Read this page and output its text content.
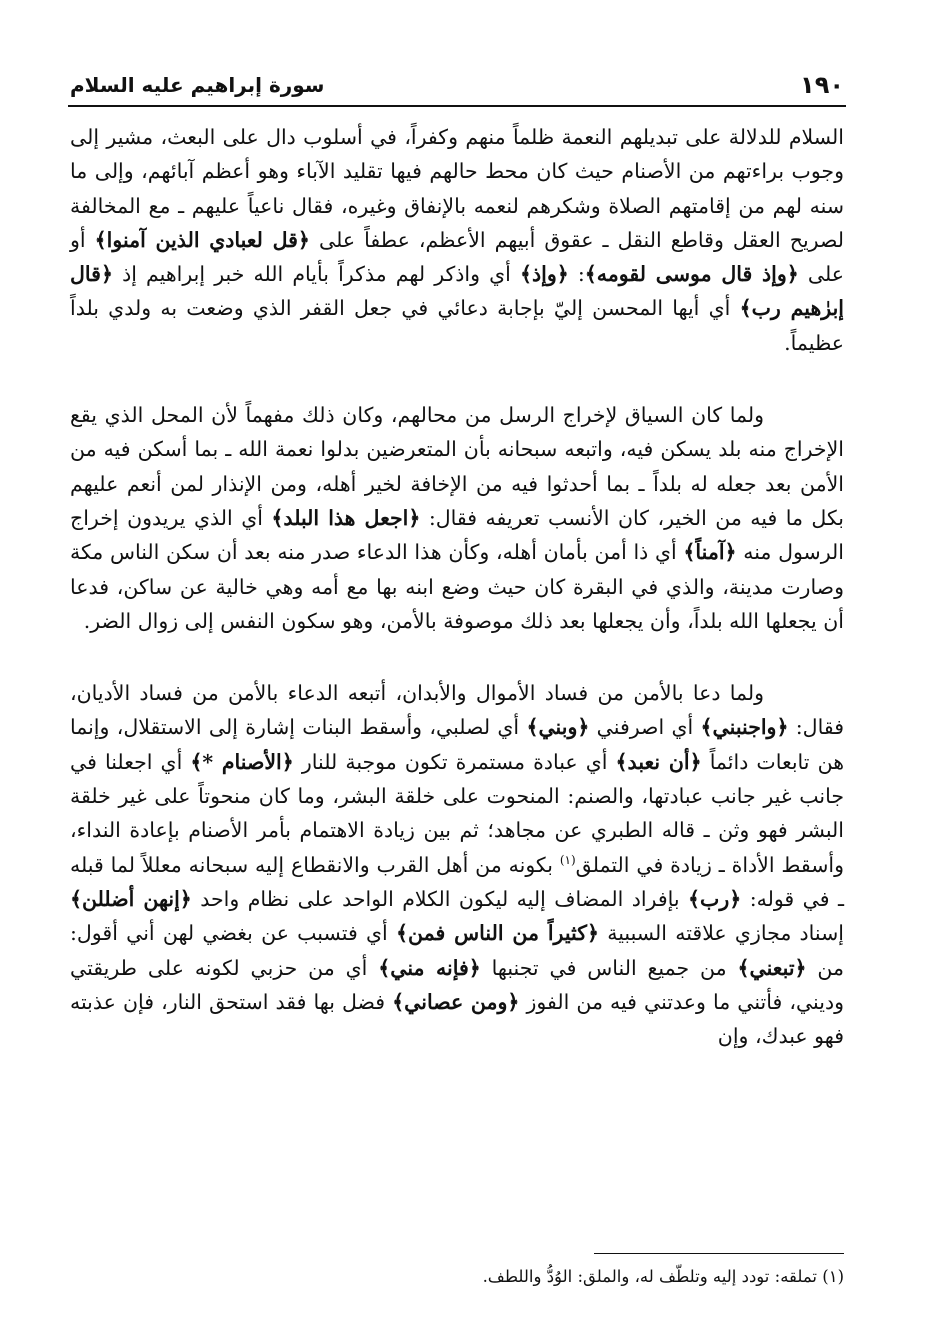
١٩٠
سورة إبراهيم عليه السلام

السلام للدلالة على تبديلهم النعمة ظلماً منهم وكفراً، في أسلوب دال على البعث، مشير إلى وجوب براءتهم من الأصنام حيث كان محط حالهم فيها تقليد الآباء وهو أعظم آبائهم، وإلى ما سنه لهم من إقامتهم الصلاة وشكرهم لنعمه بالإنفاق وغيره، فقال ناعياً عليهم ـ مع المخالفة لصريح العقل وقاطع النقل ـ عقوق أبيهم الأعظم، عطفاً على ﴿قل لعبادي الذين آمنوا﴾ أو على ﴿وإذ قال موسى لقومه﴾: ﴿وإذ﴾ أي واذكر لهم مذكراً بأيام الله خبر إبراهيم إذ ﴿قال إبرٰهيم رب﴾ أي أيها المحسن إليّ بإجابة دعائي في جعل القفر الذي وضعت به ولدي بلداً عظيماً.

ولما كان السياق لإخراج الرسل من محالهم، وكان ذلك مفهماً لأن المحل الذي يقع الإخراج منه بلد يسكن فيه، واتبعه سبحانه بأن المتعرضين بدلوا نعمة الله ـ بما أسكن فيه من الأمن بعد جعله له بلداً ـ بما أحدثوا فيه من الإخافة لخير أهله، ومن الإنذار لمن أنعم عليهم بكل ما فيه من الخير، كان الأنسب تعريفه فقال: ﴿اجعل هذا البلد﴾ أي الذي يريدون إخراج الرسول منه ﴿آمناً﴾ أي ذا أمن بأمان أهله، وكأن هذا الدعاء صدر منه بعد أن سكن الناس مكة وصارت مدينة، والذي في البقرة كان حيث وضع ابنه بها مع أمه وهي خالية عن ساكن، فدعا أن يجعلها الله بلداً، وأن يجعلها بعد ذلك موصوفة بالأمن، وهو سكون النفس إلى زوال الضر.

ولما دعا بالأمن من فساد الأموال والأبدان، أتبعه الدعاء بالأمن من فساد الأديان، فقال: ﴿واجنبني﴾ أي اصرفني ﴿وبني﴾ أي لصلبي، وأسقط البنات إشارة إلى الاستقلال، وإنما هن تابعات دائماً ﴿أن نعبد﴾ أي عبادة مستمرة تكون موجبة للنار ﴿الأصنام *﴾ أي اجعلنا في جانب غير جانب عبادتها، والصنم: المنحوت على خلقة البشر، وما كان منحوتاً على غير خلقة البشر فهو وثن ـ قاله الطبري عن مجاهد؛ ثم بين زيادة الاهتمام بأمر الأصنام بإعادة النداء، وأسقط الأداة ـ زيادة في التملق$^{(١)}$ بكونه من أهل القرب والانقطاع إليه سبحانه معللاً لما قبله ـ في قوله: ﴿رب﴾ بإفراد المضاف إليه ليكون الكلام الواحد على نظام واحد ﴿إنهن أضللن﴾ إسناد مجازي علاقته السببية ﴿كثيراً من الناس فمن﴾ أي فتسبب عن بغضي لهن أني أقول: من ﴿تبعني﴾ من جميع الناس في تجنبها ﴿فإنه مني﴾ أي من حزبي لكونه على طريقتي وديني، فأتني ما وعدتني فيه من الفوز ﴿ومن عصاني﴾ فضل بها فقد استحق النار، فإن عذبته فهو عبدك، وإن

(١) تملقه: تودد إليه وتلطّف له، والملق: الوُدُّ واللطف.
